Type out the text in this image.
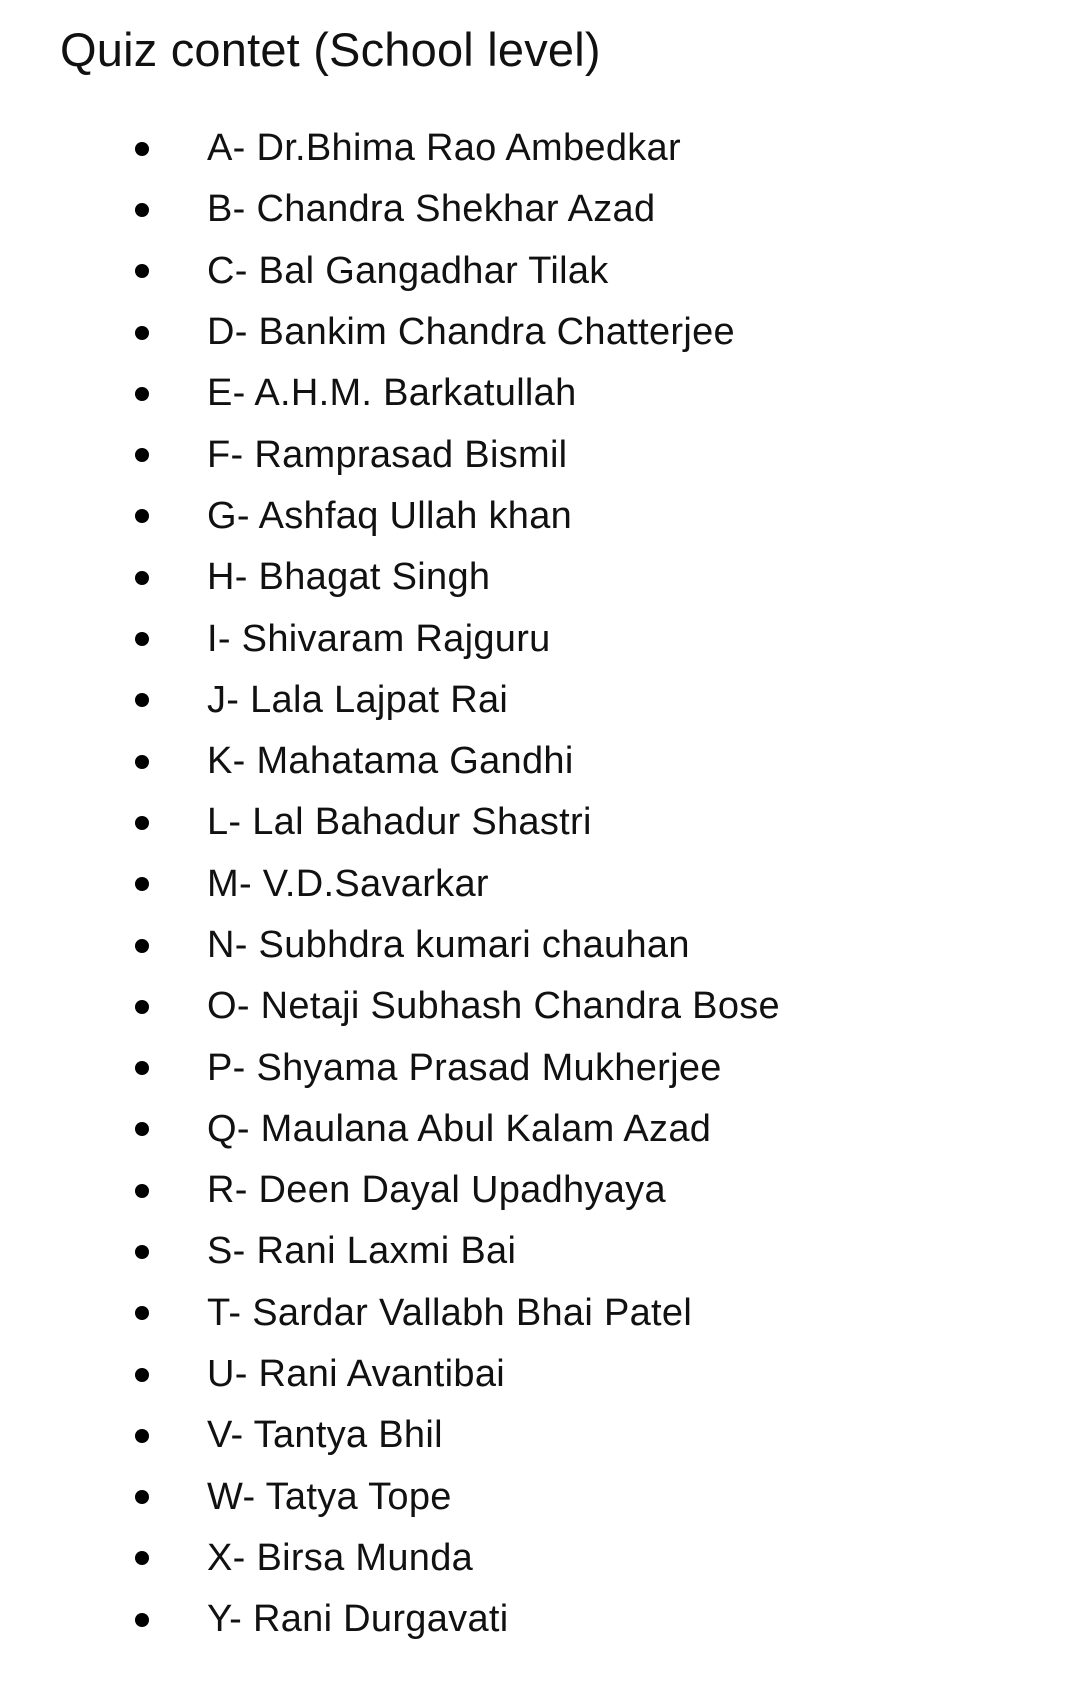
Quiz contet (School level)
A- Dr.Bhima Rao Ambedkar
B- Chandra Shekhar Azad
C- Bal Gangadhar Tilak
D- Bankim Chandra Chatterjee
E- A.H.M. Barkatullah
F- Ramprasad Bismil
G- Ashfaq Ullah khan
H- Bhagat Singh
I- Shivaram Rajguru
J- Lala Lajpat Rai
K- Mahatama Gandhi
L- Lal Bahadur Shastri
M- V.D.Savarkar
N- Subhdra kumari chauhan
O- Netaji Subhash Chandra Bose
P- Shyama Prasad Mukherjee
Q- Maulana Abul Kalam Azad
R- Deen Dayal Upadhyaya
S- Rani Laxmi Bai
T- Sardar Vallabh Bhai Patel
U- Rani Avantibai
V- Tantya Bhil
W- Tatya Tope
X- Birsa Munda
Y- Rani Durgavati
